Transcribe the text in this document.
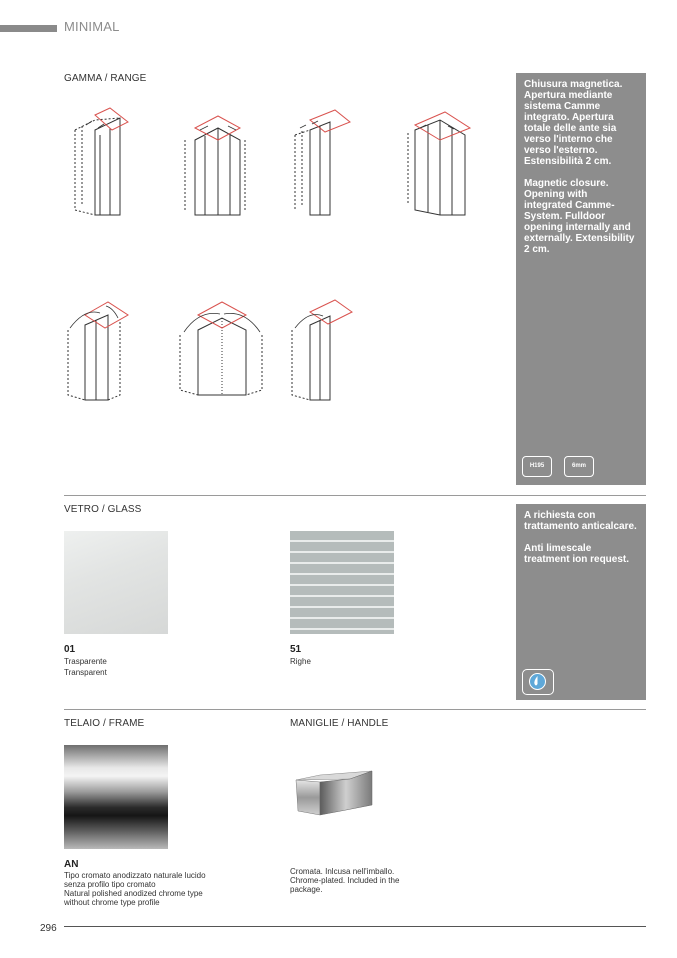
MINIMAL
GAMMA / RANGE

Chiusura magnetica. Apertura mediante sistema Camme integrato. Apertura totale delle ante sia verso l'interno che verso l'esterno. Estensibilità 2 cm.

Magnetic closure. Opening with integrated Camme-System. Fulldoor opening internally and externally. Extensibility 2 cm.

H195	6mm
VETRO / GLASS
01
Trasparente
Transparent
51
Righe

A richiesta con trattamento anticalcare.

Anti limescale treatment ion request.

TELAIO / FRAME
AN
Tipo cromato anodizzato naturale lucido
senza profilo tipo cromato
Natural polished anodized chrome type
without chrome type profile
MANIGLIE / HANDLE
Cromata. Inlcusa nell'imballo.
Chrome-plated. Included in the
package.
296
